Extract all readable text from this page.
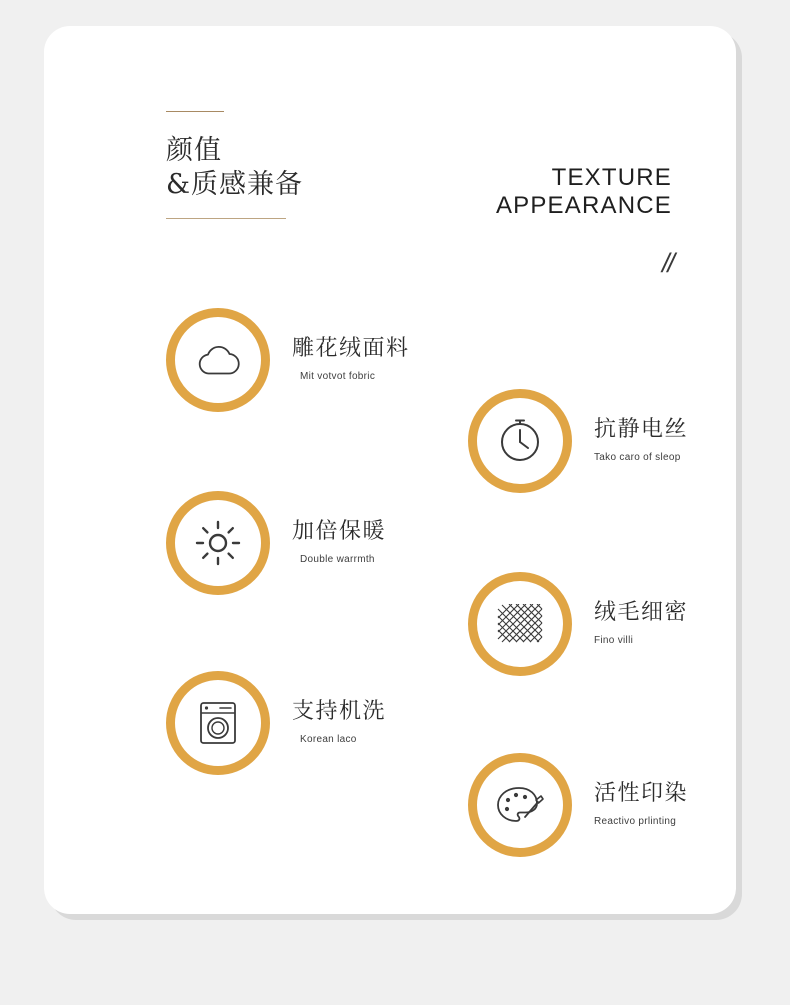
颜值
&质感兼备	TEXTURE
APPEARANCE
//
雕花绒面料
Mit votvot fobric
加倍保暖
Double warrmth
支持机洗
Korean laco
抗静电丝
Tako caro of sleop
绒毛细密
Fino villi
活性印染
Reactivo prlinting
